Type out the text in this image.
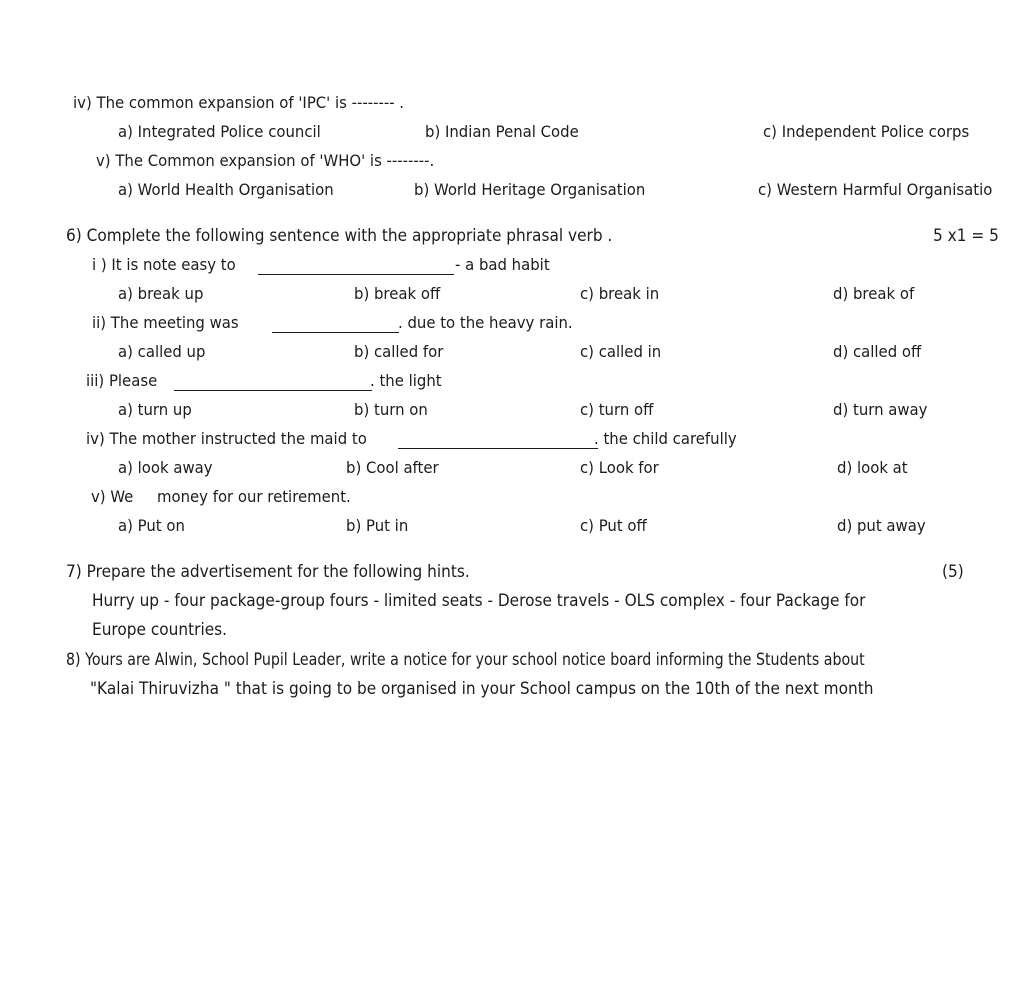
iv) The common expansion of 'IPC' is -------- .
a) Integrated Police council	b) Indian Penal Code	c) Independent Police corps
v) The Common expansion of 'WHO' is --------.
a) World Health Organisation	b) World Heritage Organisation	c) Western Harmful Organisatio
6) Complete the following sentence with the appropriate phrasal verb .	5 x1 = 5
i ) It is note easy to	- a bad habit
a) break up	b) break off	c) break in	d) break of
ii) The meeting was	. due to the heavy rain.
a) called up	b) called for	c) called in	d) called off
iii) Please	. the light
a) turn up	b) turn on	c) turn off	d) turn away
iv) The mother instructed the maid to	. the child carefully
a) look away	b) Cool after	c) Look for	d) look at
v) We     money for our retirement.
a) Put on	b) Put in	c) Put off	d) put away
7) Prepare the advertisement for the following hints.	(5)
Hurry up - four package-group fours - limited seats - Derose travels - OLS complex - four Package for
Europe countries.
8) Yours are Alwin, School Pupil Leader, write a notice for your school notice board informing the Students about
"Kalai Thiruvizha " that is going to be organised in your School campus on the 10th of the next month
